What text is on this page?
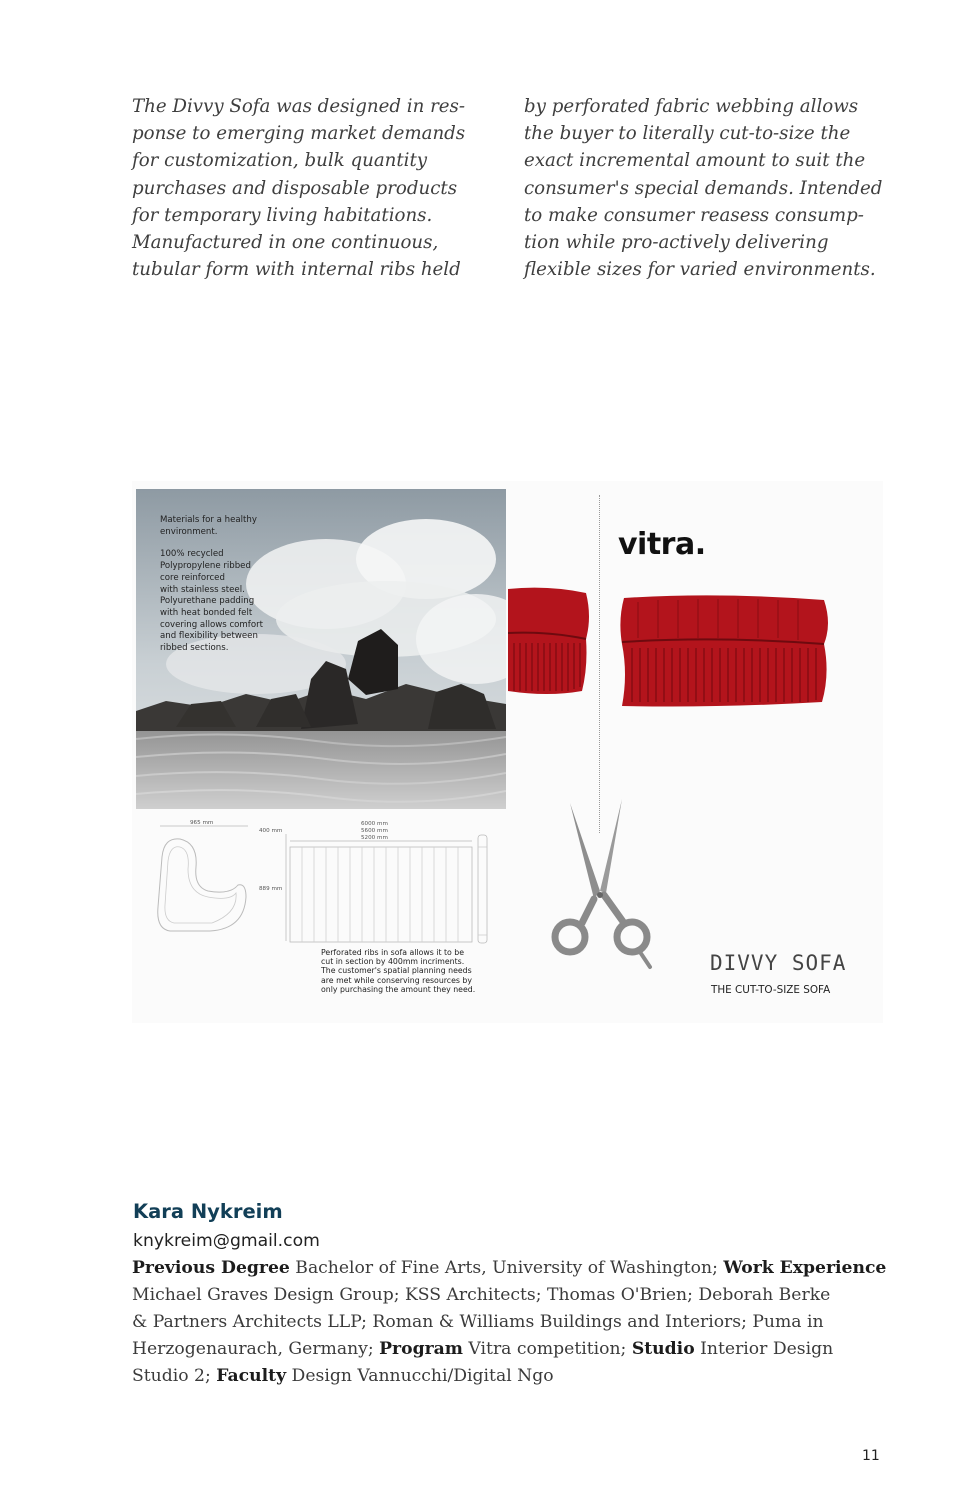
The Divvy Sofa was designed in res-
ponse to emerging market demands
for customization, bulk quantity
purchases and disposable products
for temporary living habitations.
Manufactured in one continuous,
tubular form with internal ribs held
by perforated fabric webbing allows
the buyer to literally cut-to-size the
exact incremental amount to suit the
consumer's special demands. Intended
to make consumer reasess consump-
tion while pro-actively delivering
flexible sizes for varied environments.
Materials for a healthy
environment.
100% recycled
Polypropylene ribbed
core reinforced
with stainless steel.
Polyurethane padding
with heat bonded felt
covering allows comfort
and flexibility between
ribbed sections.
965 mm
400 mm
889 mm
6000 mm
5600 mm
5200 mm
Perforated ribs in sofa allows it to be
cut in section by 400mm incriments.
The customer's spatial planning needs
are met while conserving resources by
only purchasing the amount they need.
vitra.
DIVVY SOFA
THE CUT-TO-SIZE SOFA
Kara Nykreim
knykreim@gmail.com
Previous Degree Bachelor of Fine Arts, University of Washington; Work Experience
Michael Graves Design Group; KSS Architects; Thomas O'Brien; Deborah Berke
& Partners Architects LLP; Roman & Williams Buildings and Interiors; Puma in
Herzogenaurach, Germany; Program Vitra competition; Studio Interior Design
Studio 2; Faculty Design Vannucchi/Digital Ngo
11
